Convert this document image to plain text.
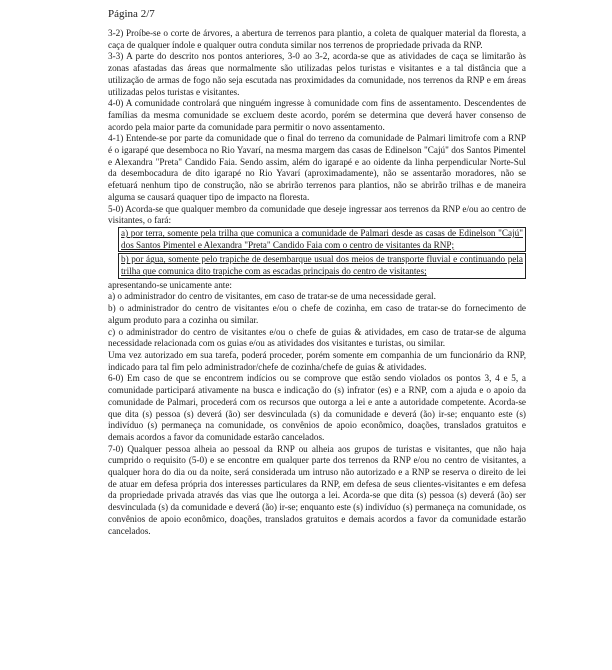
Página 2/7

3-2) Proíbe-se o corte de árvores, a abertura de terrenos para plantio, a coleta de qualquer material da floresta, a caça de qualquer índole e qualquer outra conduta similar nos terrenos de propriedade privada da RNP.

3-3) A parte do descrito nos pontos anteriores, 3-0 ao 3-2, acorda-se que as atividades de caça se limitarão às zonas afastadas das áreas que normalmente são utilizadas pelos turistas e visitantes e a tal distância que a utilização de armas de fogo não seja escutada nas proximidades da comunidade, nos terrenos da RNP e em áreas utilizadas pelos turistas e visitantes.

4-0) A comunidade controlará que ninguém ingresse à comunidade com fins de assentamento. Descendentes de famílias da mesma comunidade se excluem deste acordo, porém se determina que deverá haver consenso de acordo pela maior parte da comunidade para permitir o novo assentamento.

4-1) Entende-se por parte da comunidade que o final do terreno da comunidade de Palmari limitrofe com a RNP é o igarapé que desemboca no Rio Yavarí, na mesma margem das casas de Edinelson "Cajú" dos Santos Pimentel e Alexandra "Preta" Candido Faia. Sendo assim, além do igarapé e ao oidente da linha perpendicular Norte-Sul da desembocadura de dito igarapé no Rio Yavarí (aproximadamente), não se assentarão moradores, não se efetuará nenhum tipo de construção, não se abrirão terrenos para plantios, não se abrirão trilhas e de maneira alguma se causará quaquer tipo de impacto na floresta.

5-0) Acorda-se que qualquer membro da comunidade que deseje ingressar aos terrenos da RNP e/ou ao centro de visitantes, o fará:

a) por terra, somente pela trilha que comunica a comunidade de Palmari desde as casas de Edinelson "Cajú" dos Santos Pimentel e Alexandra "Preta" Candido Faia com o centro de visitantes da RNP;
b) por água, somente pelo trapiche de desembarque usual dos meios de transporte fluvial e continuando pela trilha que comunica dito trapiche com as escadas principais do centro de visitantes;

apresentando-se unicamente ante:

a) o administrador do centro de visitantes, em caso de tratar-se de uma necessidade geral.

b) o administrador do centro de visitantes e/ou o chefe de cozinha, em caso de tratar-se do fornecimento de algum produto para a cozinha ou similar.

c) o administrador do centro de visitantes e/ou o chefe de guias & atividades, em caso de tratar-se de alguma necessidade relacionada com os guias e/ou as atividades dos visitantes e turistas, ou similar.

Uma vez autorizado em sua tarefa, poderá proceder, porém somente em companhia de um funcionário da RNP, indicado para tal fim pelo administrador/chefe de cozinha/chefe de guias & atividades.

6-0) Em caso de que se encontrem indícios ou se comprove que estão sendo violados os pontos 3, 4 e 5, a comunidade participará ativamente na busca e indicação do (s) infrator (es) e a RNP, com a ajuda e o apoio da comunidade de Palmari, procederá com os recursos que outorga a lei e ante a autoridade competente. Acorda-se que dita (s) pessoa (s) deverá (ão) ser desvinculada (s) da comunidade e deverá (ão) ir-se; enquanto este (s) indivíduo (s) permaneça na comunidade, os convênios de apoio econômico, doações, translados gratuitos e demais acordos a favor da comunidade estarão cancelados.

7-0) Qualquer pessoa alheia ao pessoal da RNP ou alheia aos grupos de turistas e visitantes, que não haja cumprido o requisito (5-0) e se encontre em qualquer parte dos terrenos da RNP e/ou no centro de visitantes, a qualquer hora do dia ou da noite, será considerada um intruso não autorizado e a RNP se reserva o direito de lei de atuar em defesa própria dos interesses particulares da RNP, em defesa de seus clientes-visitantes e em defesa da propriedade privada através das vias que lhe outorga a lei. Acorda-se que dita (s) pessoa (s) deverá (ão) ser desvinculada (s) da comunidade e deverá (ão) ir-se; enquanto este (s) indivíduo (s) permaneça na comunidade, os convênios de apoio econômico, doações, translados gratuitos e demais acordos a favor da comunidade estarão cancelados.
